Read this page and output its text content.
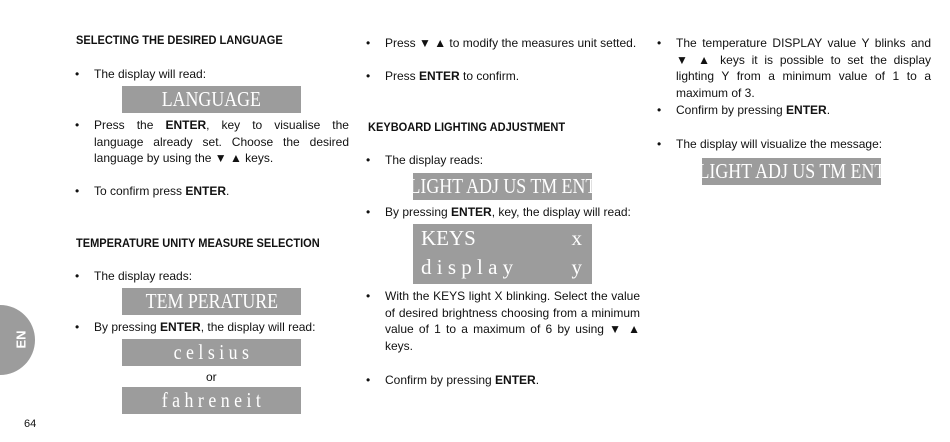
SELECTING THE DESIRED LANGUAGE
• The display will read:
LANGUAGE
• Press the ENTER, key to visualise the language already set. Choose the desired language by using the ▼ ▲ keys.
• To confirm press ENTER.
TEMPERATURE UNITY MEASURE SELECTION
• The display reads:
TEM PERATURE
• By pressing ENTER, the display will read:
c e l s i u s
or
f a h r e n e i t
• Press ▼ ▲ to modify the measures unit setted.
• Press ENTER to confirm.
KEYBOARD LIGHTING ADJUSTMENT
• The display reads:
LIGHT ADJ US TM ENT
• By pressing ENTER, key, the display will read:
KEYS	x
d i s p l a y	y
• With the KEYS light X blinking. Select the value of desired brightness choosing from a minimum value of 1 to a maximum of 6 by using ▼ ▲ keys.
• Confirm by pressing ENTER.
• The temperature DISPLAY value Y blinks and ▼ ▲ keys it is possible to set the display lighting Y from a minimum value of 1 to a maximum of 3.
• Confirm by pressing ENTER.
• The display will visualize the message:
LIGHT ADJ US TM ENT
EN
64
